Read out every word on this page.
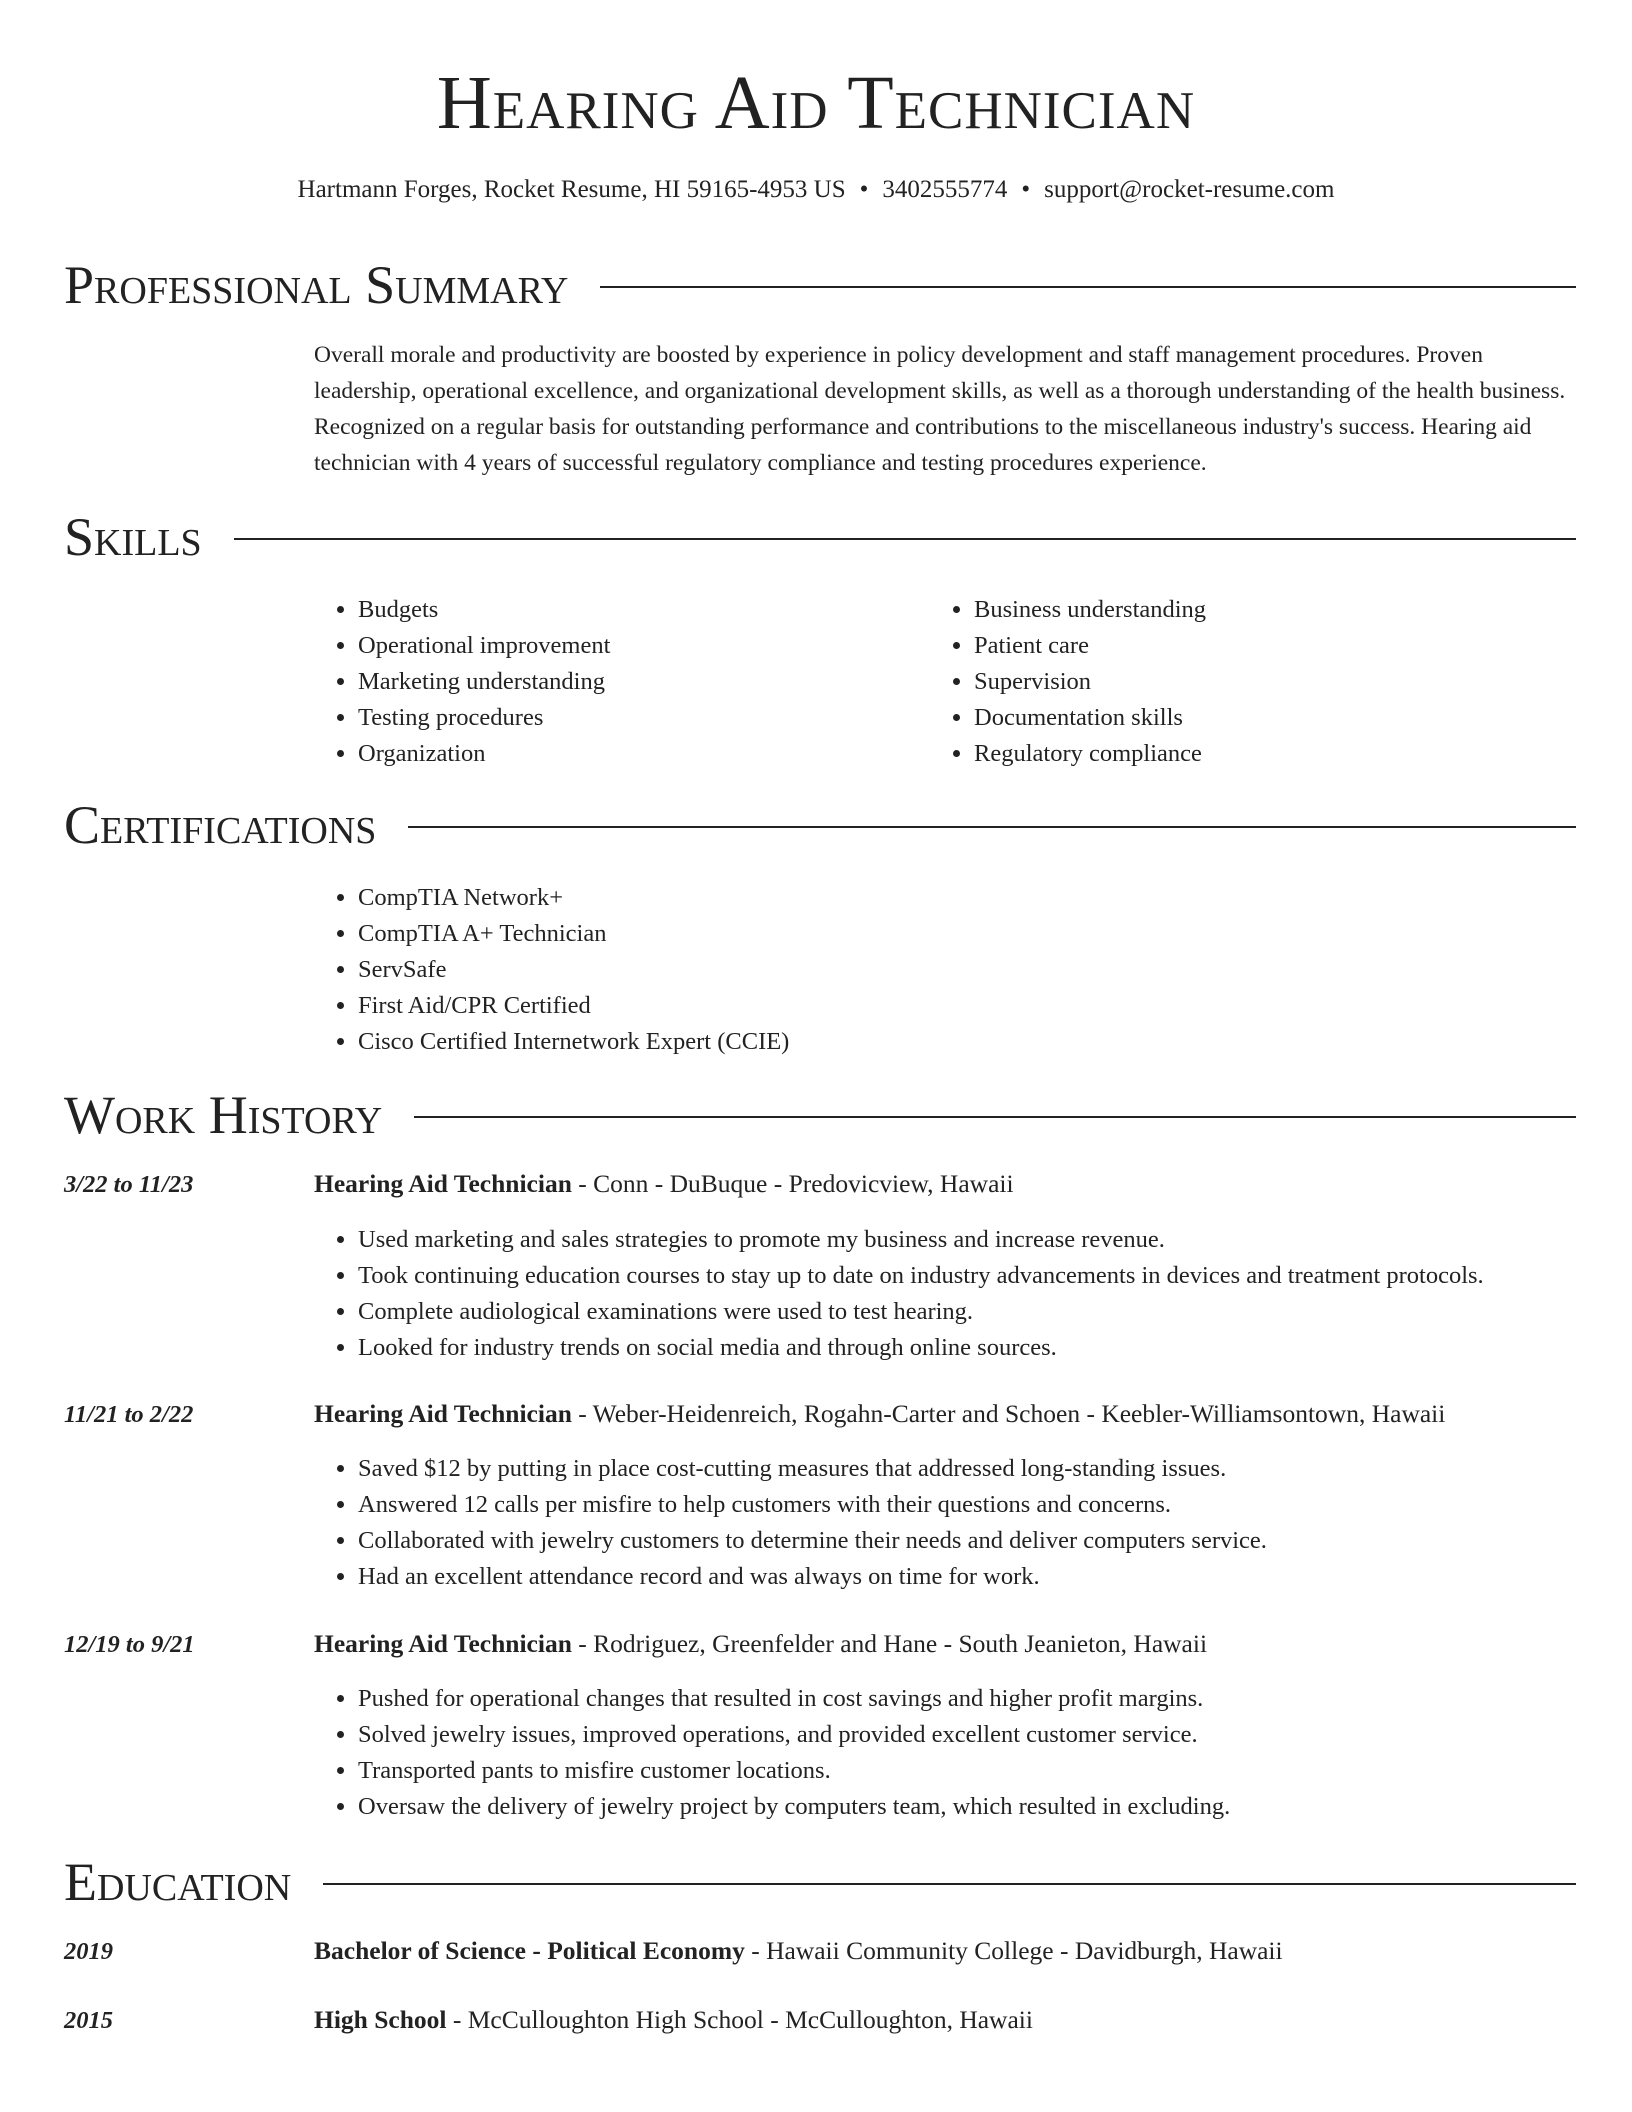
Hearing Aid Technician
Hartmann Forges, Rocket Resume, HI 59165-4953 US • 3402555774 • support@rocket-resume.com
Professional Summary
Overall morale and productivity are boosted by experience in policy development and staff management procedures. Proven leadership, operational excellence, and organizational development skills, as well as a thorough understanding of the health business. Recognized on a regular basis for outstanding performance and contributions to the miscellaneous industry's success. Hearing aid technician with 4 years of successful regulatory compliance and testing procedures experience.
Skills
• Budgets
• Operational improvement
• Marketing understanding
• Testing procedures
• Organization
• Business understanding
• Patient care
• Supervision
• Documentation skills
• Regulatory compliance
Certifications
• CompTIA Network+
• CompTIA A+ Technician
• ServSafe
• First Aid/CPR Certified
• Cisco Certified Internetwork Expert (CCIE)
Work History
3/22 to 11/23	Hearing Aid Technician - Conn - DuBuque - Predovicview, Hawaii
• Used marketing and sales strategies to promote my business and increase revenue.
• Took continuing education courses to stay up to date on industry advancements in devices and treatment protocols.
• Complete audiological examinations were used to test hearing.
• Looked for industry trends on social media and through online sources.
11/21 to 2/22	Hearing Aid Technician - Weber-Heidenreich, Rogahn-Carter and Schoen - Keebler-Williamsontown, Hawaii
• Saved $12 by putting in place cost-cutting measures that addressed long-standing issues.
• Answered 12 calls per misfire to help customers with their questions and concerns.
• Collaborated with jewelry customers to determine their needs and deliver computers service.
• Had an excellent attendance record and was always on time for work.
12/19 to 9/21	Hearing Aid Technician - Rodriguez, Greenfelder and Hane - South Jeanieton, Hawaii
• Pushed for operational changes that resulted in cost savings and higher profit margins.
• Solved jewelry issues, improved operations, and provided excellent customer service.
• Transported pants to misfire customer locations.
• Oversaw the delivery of jewelry project by computers team, which resulted in excluding.
Education
2019	Bachelor of Science - Political Economy - Hawaii Community College - Davidburgh, Hawaii
2015	High School - McCulloughton High School - McCulloughton, Hawaii
